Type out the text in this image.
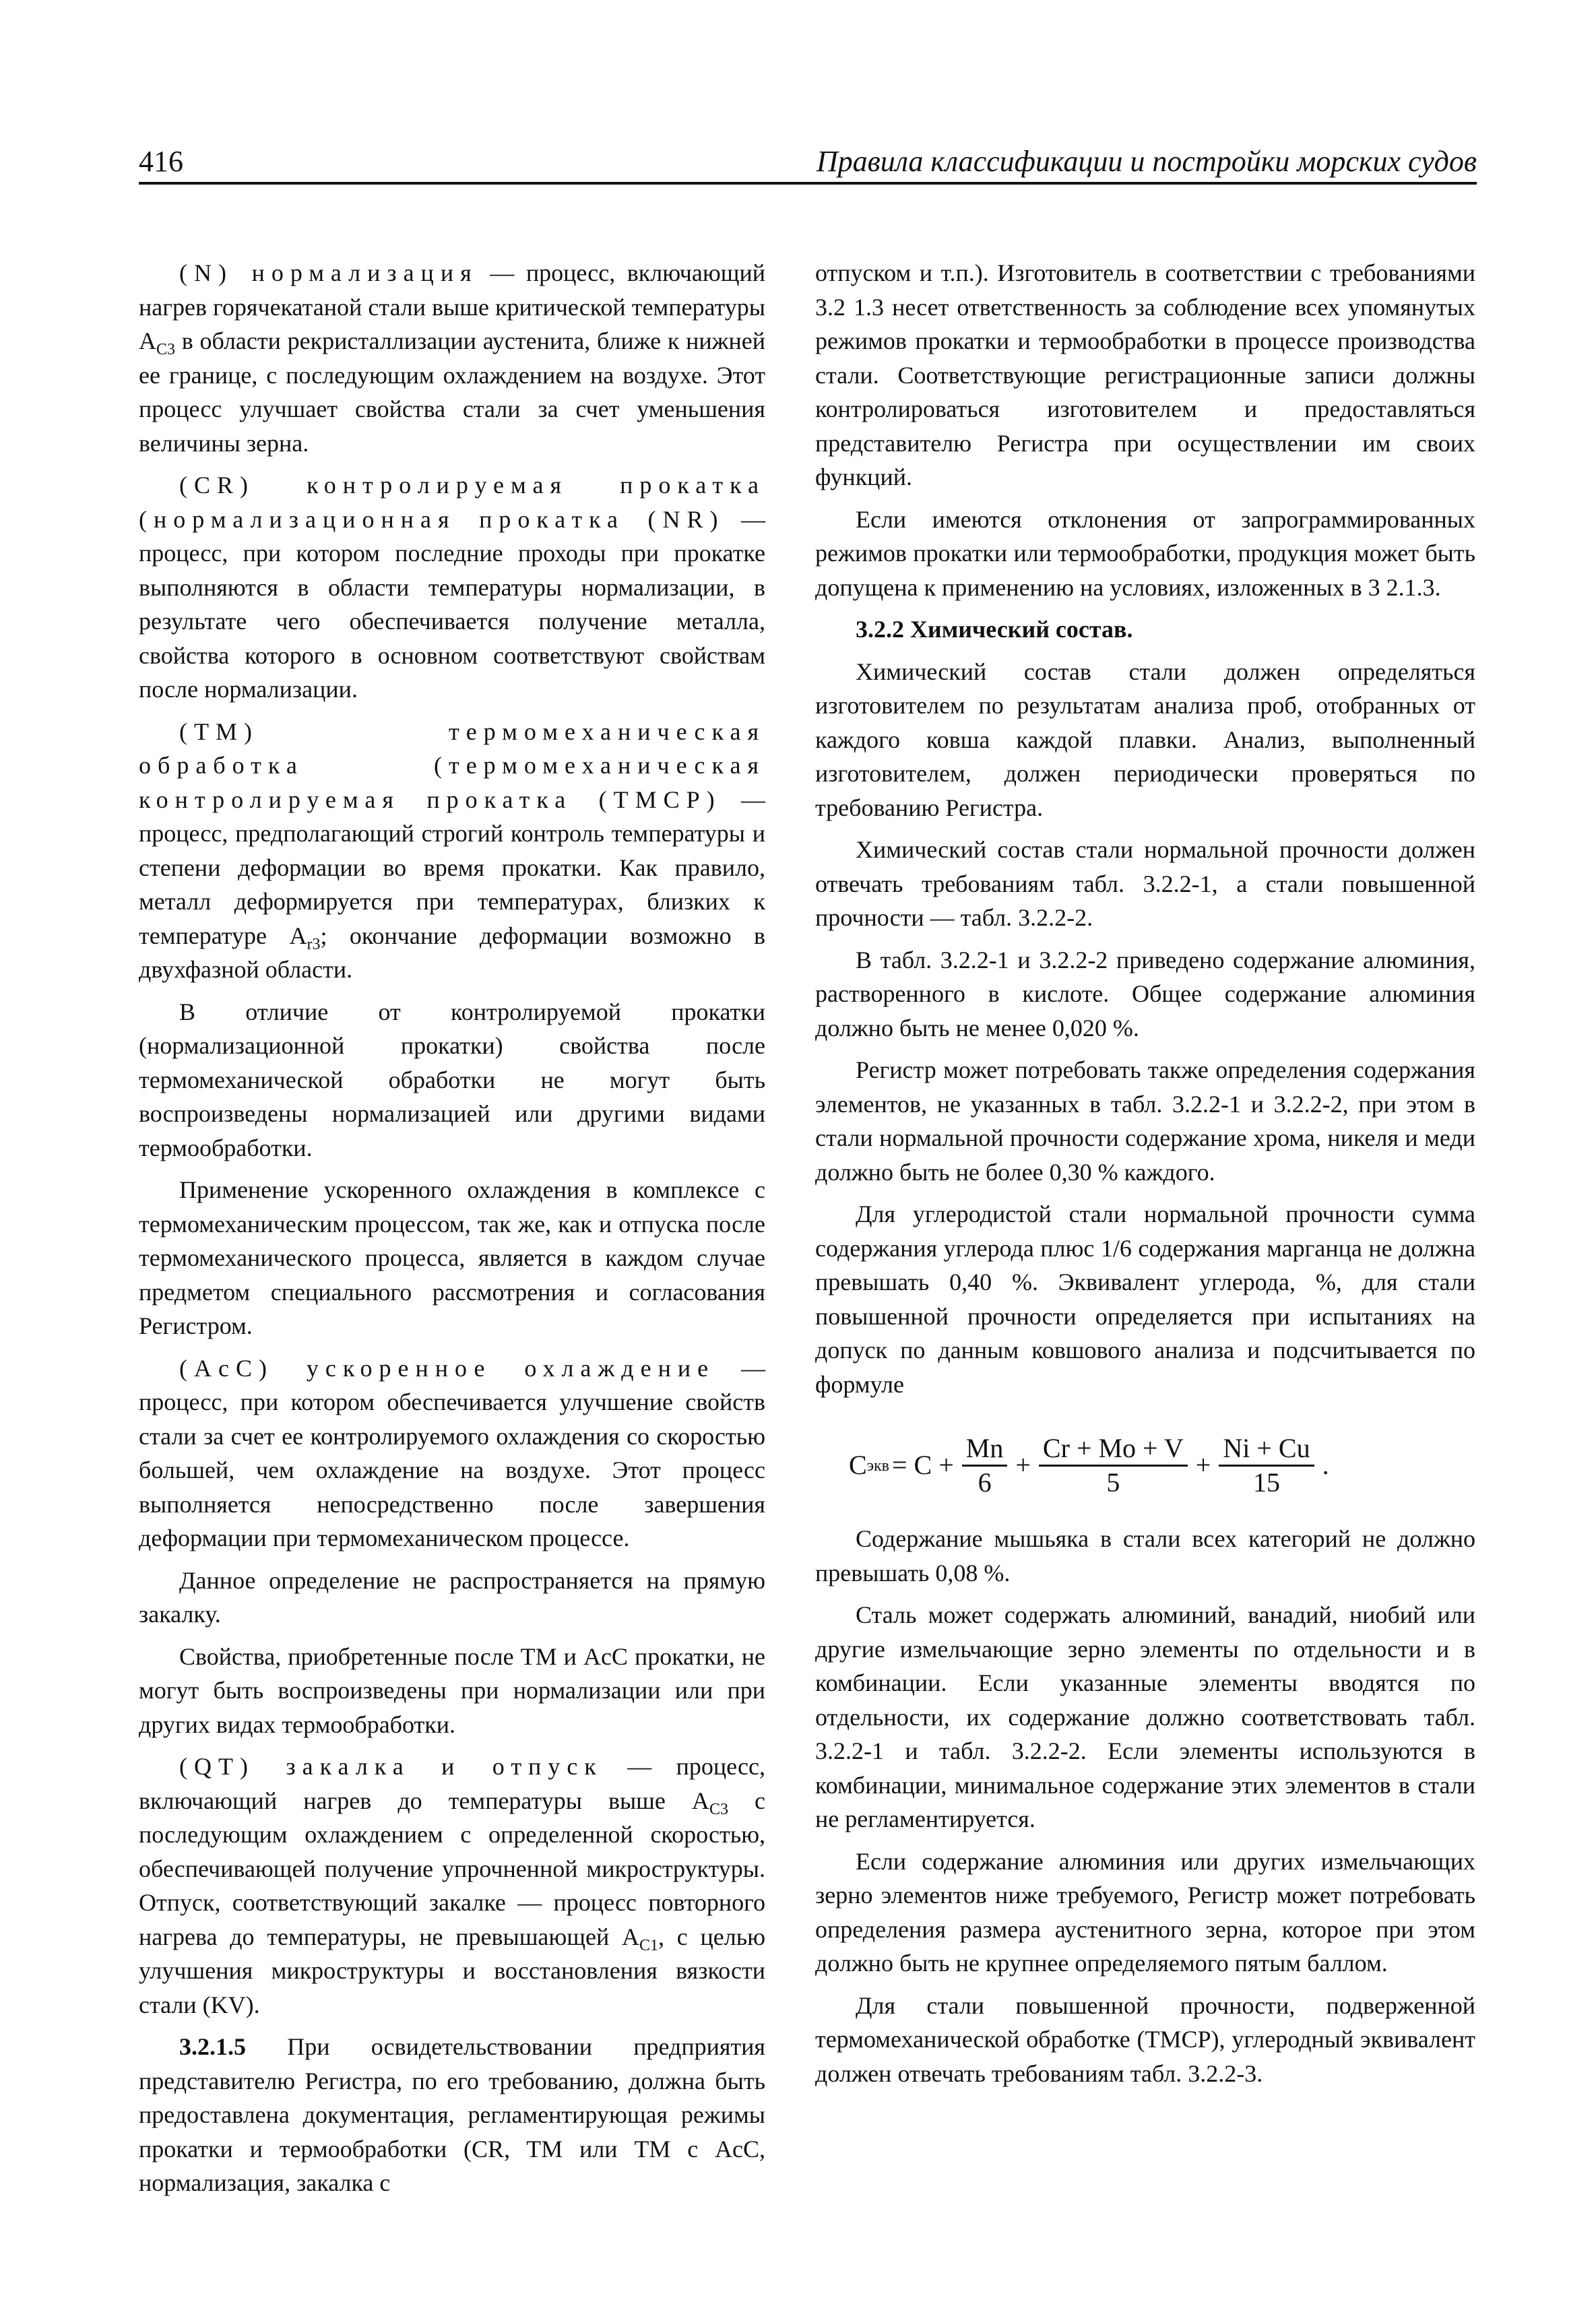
416	Правила классификации и постройки морских судов

(N) нормализация — процесс, включающий нагрев горячекатаной стали выше критической температуры $A_{C3}$ в области рекристаллизации аустенита, ближе к нижней ее границе, с последующим охлаждением на воздухе. Этот процесс улучшает свойства стали за счет уменьшения величины зерна.

(CR) контролируемая прокатка (нормализационная прокатка (NR) — процесс, при котором последние проходы при прокатке выполняются в области температуры нормализации, в результате чего обеспечивается получение металла, свойства которого в основном соответствуют свойствам после нормализации.

(TM) термомеханическая обработка (термомеханическая контролируемая прокатка (TMCP) — процесс, предполагающий строгий контроль температуры и степени деформации во время прокатки. Как правило, металл деформируется при температурах, близких к температуре $A_{r3}$; окончание деформации возможно в двухфазной области.

В отличие от контролируемой прокатки (нормализационной прокатки) свойства после термомеханической обработки не могут быть воспроизведены нормализацией или другими видами термообработки.

Применение ускоренного охлаждения в комплексе с термомеханическим процессом, так же, как и отпуска после термомеханического процесса, является в каждом случае предметом специального рассмотрения и согласования Регистром.

(AcC) ускоренное охлаждение — процесс, при котором обеспечивается улучшение свойств стали за счет ее контролируемого охлаждения со скоростью большей, чем охлаждение на воздухе. Этот процесс выполняется непосредственно после завершения деформации при термомеханическом процессе.

Данное определение не распространяется на прямую закалку.

Свойства, приобретенные после TM и AcC прокатки, не могут быть воспроизведены при нормализации или при других видах термообработки.

(QT) закалка и отпуск — процесс, включающий нагрев до температуры выше $A_{C3}$ с последующим охлаждением с определенной скоростью, обеспечивающей получение упрочненной микроструктуры. Отпуск, соответствующий закалке — процесс повторного нагрева до температуры, не превышающей $A_{C1}$, с целью улучшения микроструктуры и восстановления вязкости стали (KV).

3.2.1.5 При освидетельствовании предприятия представителю Регистра, по его требованию, должна быть предоставлена документация, регламентирующая режимы прокатки и термообработки (CR, TM или TM с AcC, нормализация, закалка с

отпуском и т.п.). Изготовитель в соответствии с требованиями 3.2 1.3 несет ответственность за соблюдение всех упомянутых режимов прокатки и термообработки в процессе производства стали. Соответствующие регистрационные записи должны контролироваться изготовителем и предоставляться представителю Регистра при осуществлении им своих функций.

Если имеются отклонения от запрограммированных режимов прокатки или термообработки, продукция может быть допущена к применению на условиях, изложенных в 3 2.1.3.

3.2.2 Химический состав.

Химический состав стали должен определяться изготовителем по результатам анализа проб, отобранных от каждого ковша каждой плавки. Анализ, выполненный изготовителем, должен периодически проверяться по требованию Регистра.

Химический состав стали нормальной прочности должен отвечать требованиям табл. 3.2.2-1, а стали повышенной прочности — табл. 3.2.2-2.

В табл. 3.2.2-1 и 3.2.2-2 приведено содержание алюминия, растворенного в кислоте. Общее содержание алюминия должно быть не менее 0,020 %.

Регистр может потребовать также определения содержания элементов, не указанных в табл. 3.2.2-1 и 3.2.2-2, при этом в стали нормальной прочности содержание хрома, никеля и меди должно быть не более 0,30 % каждого.

Для углеродистой стали нормальной прочности сумма содержания углерода плюс 1/6 содержания марганца не должна превышать 0,40 %. Эквивалент углерода, %, для стали повышенной прочности определяется при испытаниях на допуск по данным ковшового анализа и подсчитывается по формуле

C экв = $C + \frac{Mn}{6} + \frac{Cr + Mo + V}{5} + \frac{Ni + Cu}{15}$ .

Содержание мышьяка в стали всех категорий не должно превышать 0,08 %.

Сталь может содержать алюминий, ванадий, ниобий или другие измельчающие зерно элементы по отдельности и в комбинации. Если указанные элементы вводятся по отдельности, их содержание должно соответствовать табл. 3.2.2-1 и табл. 3.2.2-2. Если элементы используются в комбинации, минимальное содержание этих элементов в стали не регламентируется.

Если содержание алюминия или других измельчающих зерно элементов ниже требуемого, Регистр может потребовать определения размера аустенитного зерна, которое при этом должно быть не крупнее определяемого пятым баллом.

Для стали повышенной прочности, подверженной термомеханической обработке (TMCP), углеродный эквивалент должен отвечать требованиям табл. 3.2.2-3.
